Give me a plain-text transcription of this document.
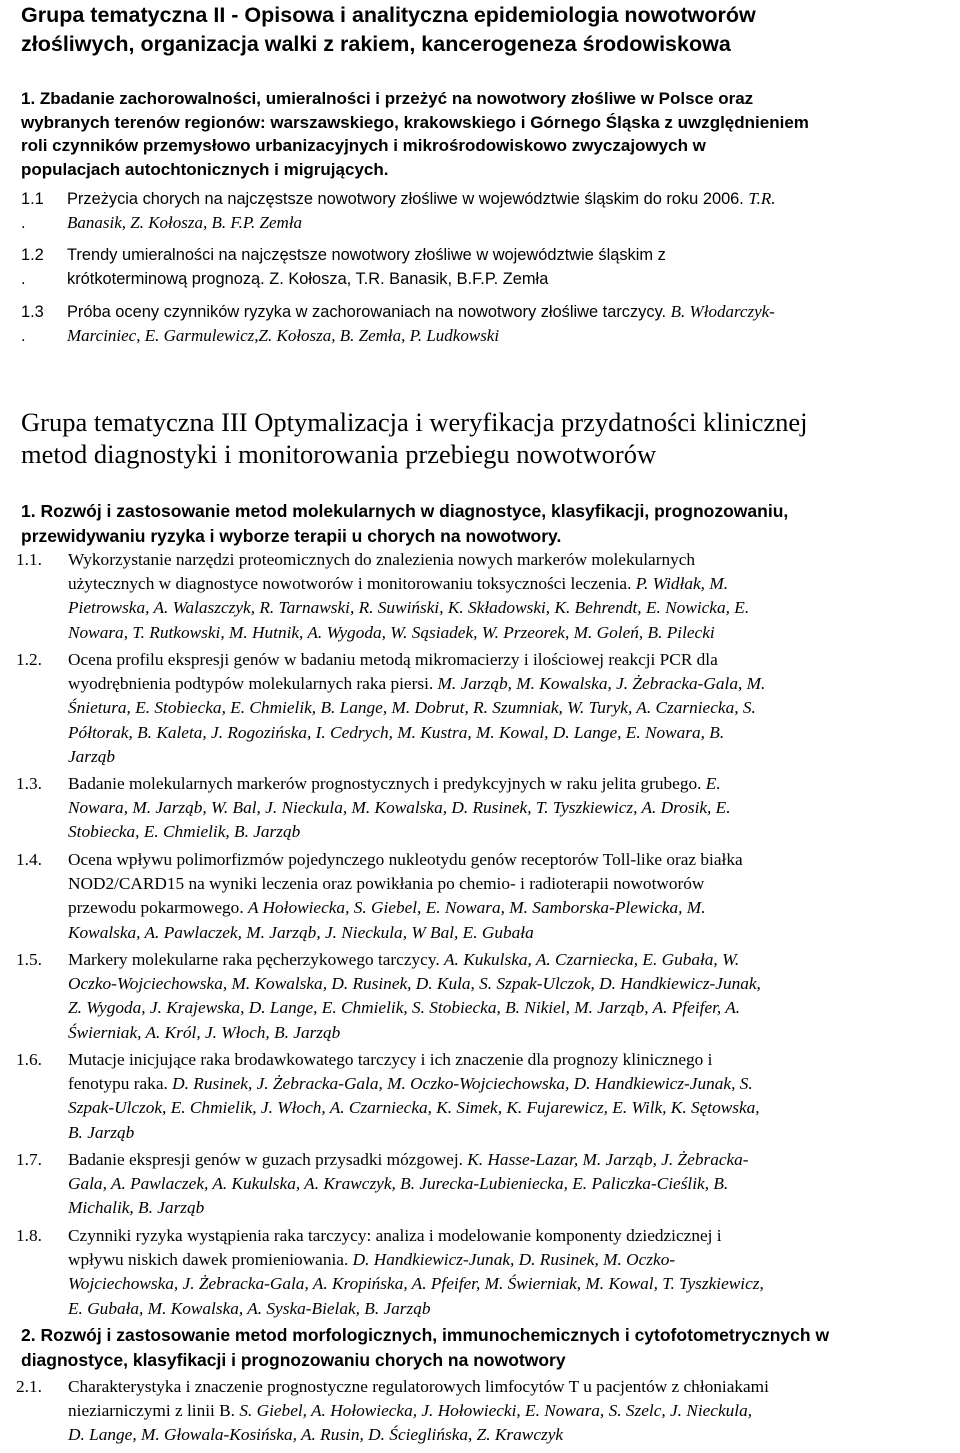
Grupa tematyczna II - Opisowa i analityczna epidemiologia nowotworów
złośliwych, organizacja walki z rakiem, kancerogeneza środowiskowa
1. Zbadanie zachorowalności, umieralności i przeżyć na nowotwory złośliwe w Polsce oraz
wybranych terenów regionów: warszawskiego, krakowskiego i Górnego Śląska z uwzględnieniem
roli czynników przemysłowo urbanizacyjnych i mikrośrodowiskowo zwyczajowych w
populacjach autochtonicznych i migrujących.
1.1
.
Przeżycia chorych na najczęstsze nowotwory złośliwe w województwie śląskim do roku 2006. T.R.
Banasik, Z. Kołosza, B. F.P. Zemła
1.2
.
Trendy umieralności na najczęstsze nowotwory złośliwe w województwie śląskim z
krótkoterminową prognozą. Z. Kołosza, T.R. Banasik, B.F.P. Zemła
1.3
.
Próba oceny czynników ryzyka w zachorowaniach na nowotwory złośliwe tarczycy. B. Włodarczyk-
Marciniec, E. Garmulewicz,Z. Kołosza, B. Zemła, P. Ludkowski
Grupa tematyczna III Optymalizacja i weryfikacja przydatności klinicznej
metod diagnostyki i monitorowania przebiegu nowotworów
1. Rozwój i zastosowanie metod molekularnych w diagnostyce, klasyfikacji, prognozowaniu,
przewidywaniu ryzyka i wyborze terapii u chorych na nowotwory.
1.1.	Wykorzystanie narzędzi proteomicznych do znalezienia nowych markerów molekularnych
użytecznych w diagnostyce nowotworów i monitorowaniu toksyczności leczenia. P. Widłak, M.
Pietrowska, A. Walaszczyk, R. Tarnawski, R. Suwiński, K. Składowski, K. Behrendt, E. Nowicka, E.
Nowara, T. Rutkowski, M. Hutnik, A. Wygoda, W. Sąsiadek, W. Przeorek, M. Goleń, B. Pilecki
1.2.	Ocena profilu ekspresji genów w badaniu metodą mikromacierzy i ilościowej reakcji PCR dla
wyodrębnienia podtypów molekularnych raka piersi. M. Jarząb, M. Kowalska, J. Żebracka-Gala, M.
Śnietura, E. Stobiecka, E. Chmielik, B. Lange, M. Dobrut, R. Szumniak, W. Turyk, A. Czarniecka, S.
Półtorak, B. Kaleta, J. Rogozińska, I. Cedrych, M. Kustra, M. Kowal, D. Lange, E. Nowara, B.
Jarząb
1.3.	Badanie molekularnych markerów prognostycznych i predykcyjnych w raku jelita grubego. E.
Nowara, M. Jarząb, W. Bal, J. Nieckula, M. Kowalska, D. Rusinek, T. Tyszkiewicz, A. Drosik, E.
Stobiecka, E. Chmielik, B. Jarząb
1.4.	Ocena wpływu polimorfizmów pojedynczego nukleotydu genów receptorów Toll-like oraz białka
NOD2/CARD15 na wyniki leczenia oraz powikłania po chemio- i radioterapii nowotworów
przewodu pokarmowego. A Hołowiecka, S. Giebel, E. Nowara, M. Samborska-Plewicka, M.
Kowalska, A. Pawlaczek, M. Jarząb, J. Nieckula, W Bal, E. Gubała
1.5.	Markery molekularne raka pęcherzykowego tarczycy. A. Kukulska, A. Czarniecka, E. Gubała, W.
Oczko-Wojciechowska, M. Kowalska, D. Rusinek, D. Kula, S. Szpak-Ulczok, D. Handkiewicz-Junak,
Z. Wygoda, J. Krajewska, D. Lange, E. Chmielik, S. Stobiecka, B. Nikiel, M. Jarząb, A. Pfeifer, A.
Świerniak, A. Król, J. Włoch, B. Jarząb
1.6.	Mutacje inicjujące raka brodawkowatego tarczycy i ich znaczenie dla prognozy klinicznego i
fenotypu raka. D. Rusinek, J. Żebracka-Gala, M. Oczko-Wojciechowska, D. Handkiewicz-Junak, S.
Szpak-Ulczok, E. Chmielik, J. Włoch, A. Czarniecka, K. Simek, K. Fujarewicz, E. Wilk, K. Sętowska,
B. Jarząb
1.7.	Badanie ekspresji genów w guzach przysadki mózgowej. K. Hasse-Lazar, M. Jarząb, J. Żebracka-
Gala, A. Pawlaczek, A. Kukulska, A. Krawczyk, B. Jurecka-Lubieniecka, E. Paliczka-Cieślik, B.
Michalik, B. Jarząb
1.8.	Czynniki ryzyka wystąpienia raka tarczycy: analiza i modelowanie komponenty dziedzicznej i
wpływu niskich dawek promieniowania. D. Handkiewicz-Junak, D. Rusinek, M. Oczko-
Wojciechowska, J. Żebracka-Gala, A. Kropińska, A. Pfeifer, M. Świerniak, M. Kowal, T. Tyszkiewicz,
E. Gubała, M. Kowalska, A. Syska-Bielak, B. Jarząb
2. Rozwój i zastosowanie metod morfologicznych, immunochemicznych i cytofotometrycznych w
diagnostyce, klasyfikacji i prognozowaniu chorych na nowotwory
2.1.	Charakterystyka i znaczenie prognostyczne regulatorowych limfocytów T u pacjentów z chłoniakami
nieziarniczymi z linii B. S. Giebel, A. Hołowiecka, J. Hołowiecki, E. Nowara, S. Szelc, J. Nieckula,
D. Lange, M. Głowala-Kosińska, A. Rusin, D. Ścieglińska, Z. Krawczyk
